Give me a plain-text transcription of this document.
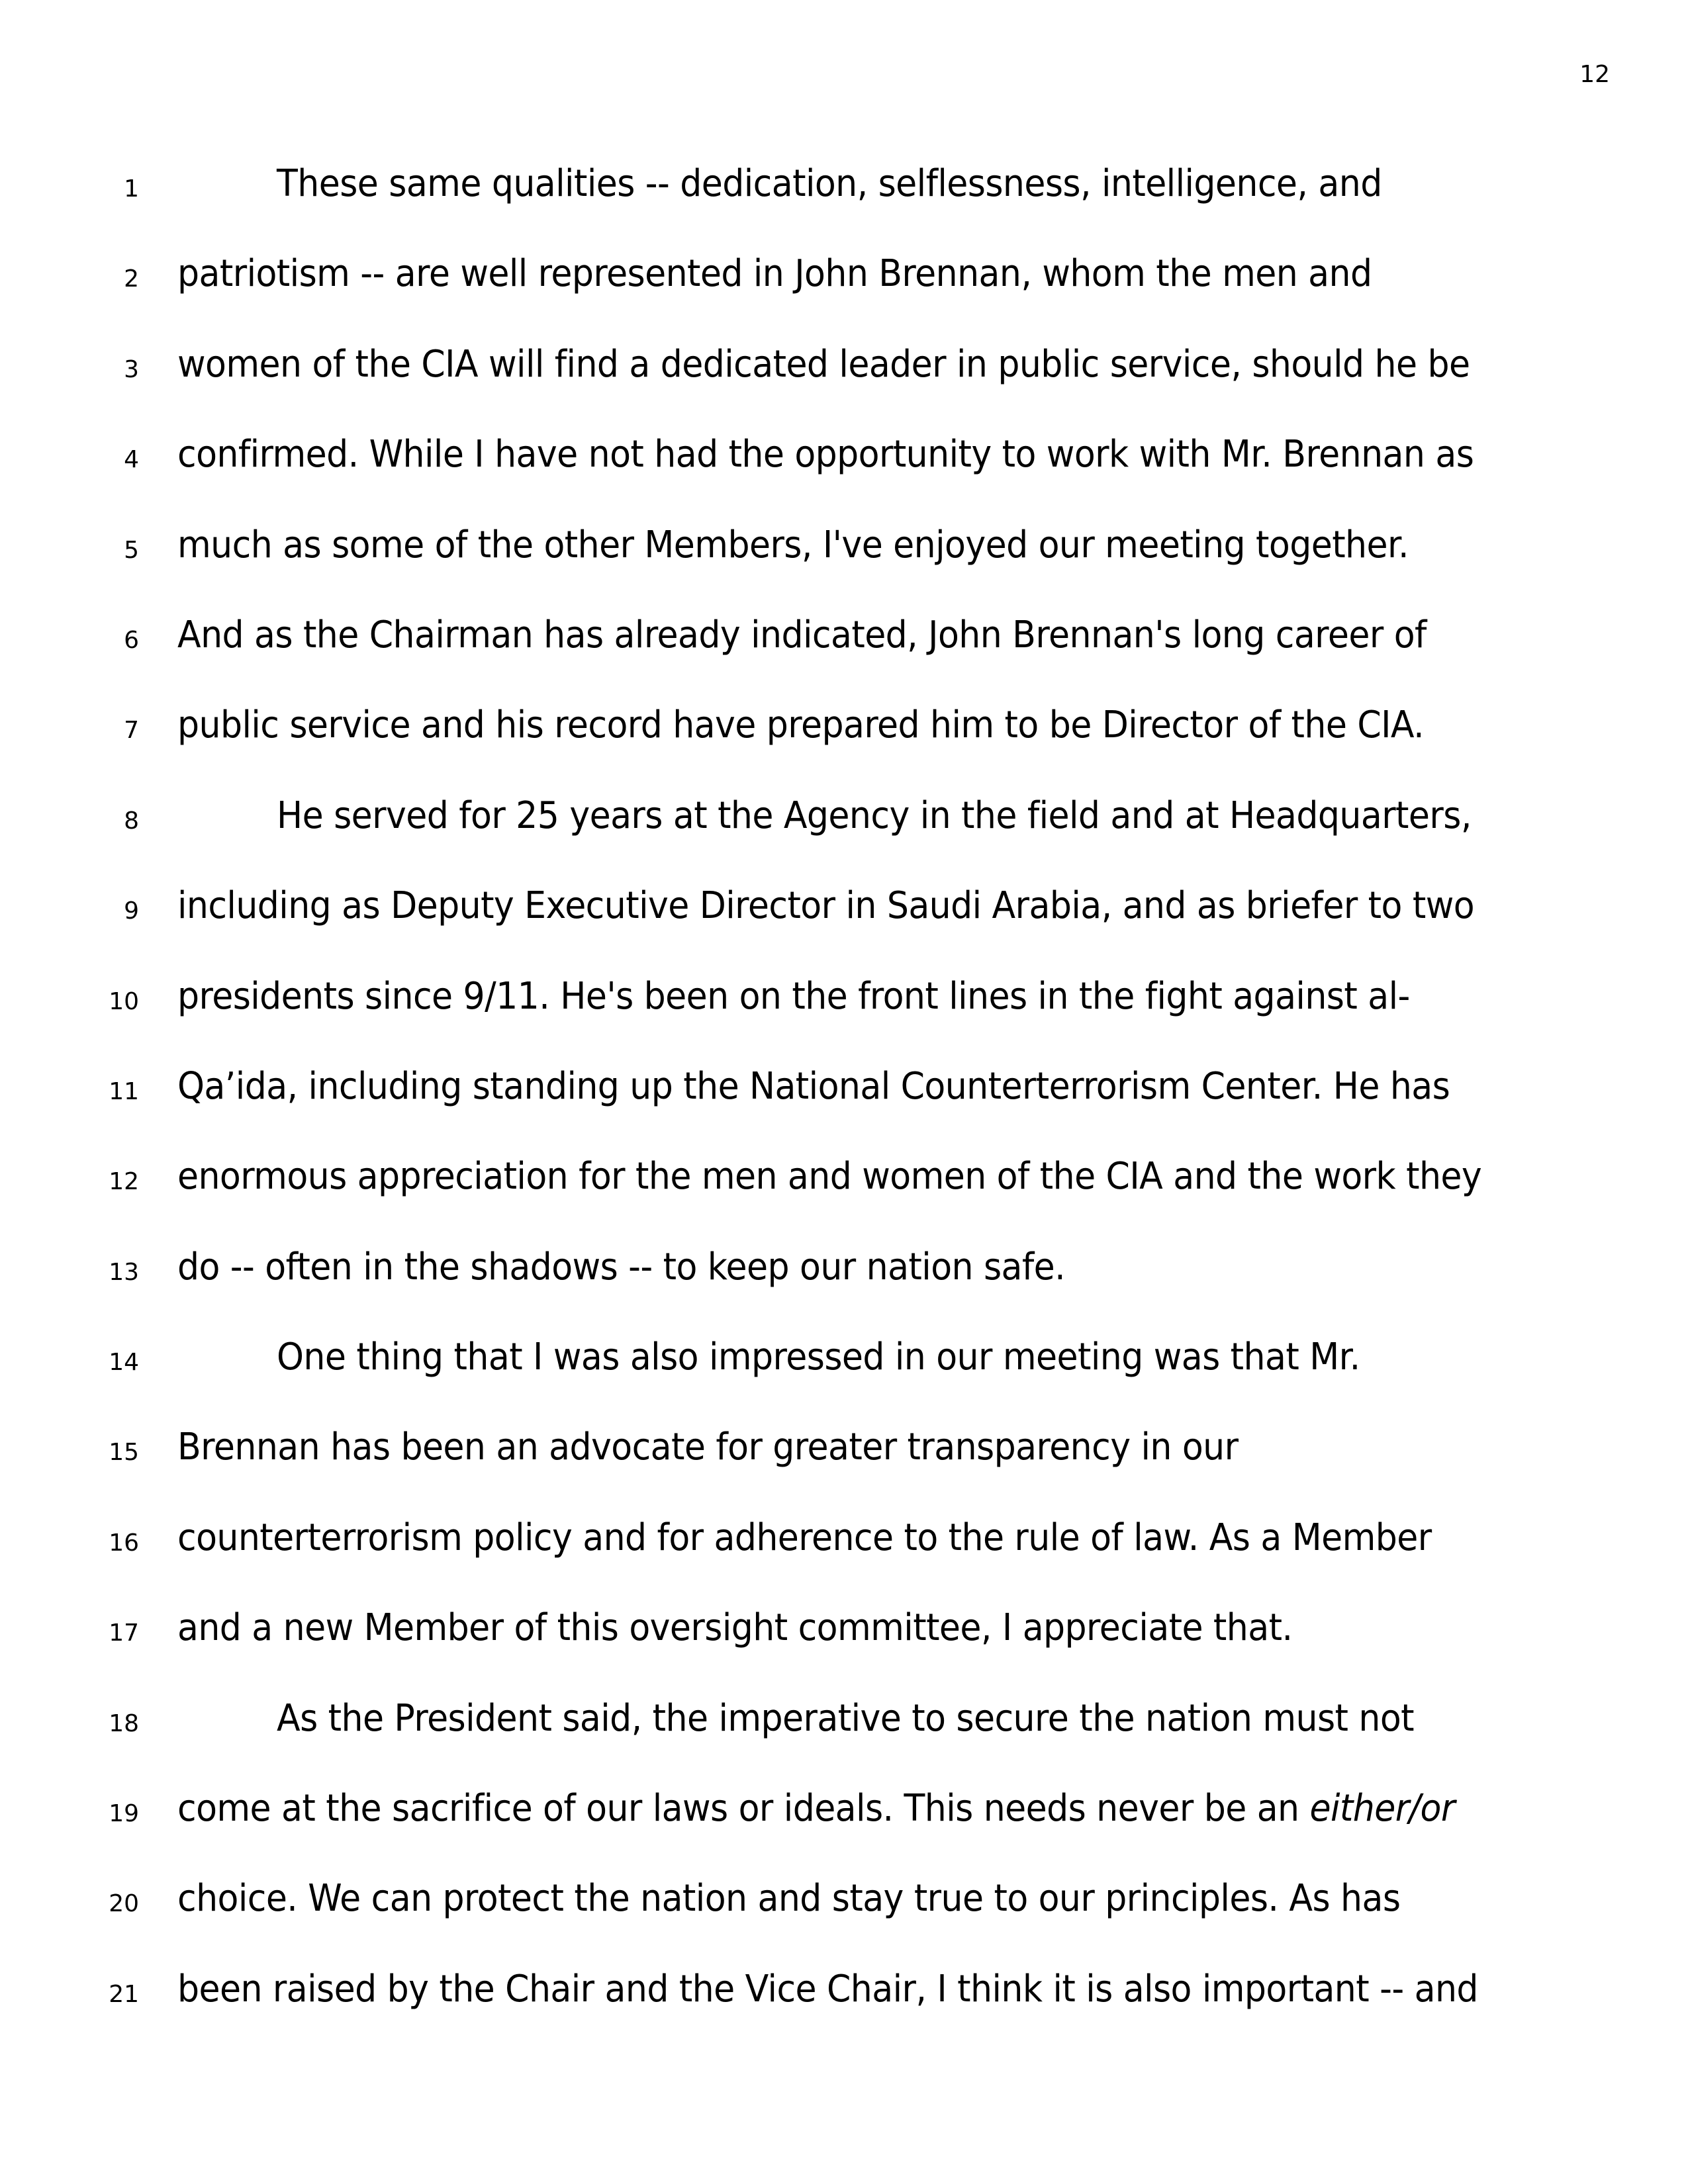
12
1	These same qualities -- dedication, selflessness, intelligence, and
2 patriotism -- are well represented in John Brennan, whom the men and
3 women of the CIA will find a dedicated leader in public service, should he be
4 confirmed. While I have not had the opportunity to work with Mr. Brennan as
5 much as some of the other Members, I've enjoyed our meeting together.
6 And as the Chairman has already indicated, John Brennan's long career of
7 public service and his record have prepared him to be Director of the CIA.
8	He served for 25 years at the Agency in the field and at Headquarters,
9 including as Deputy Executive Director in Saudi Arabia, and as briefer to two
10 presidents since 9/11. He's been on the front lines in the fight against al-
11 Qa’ida, including standing up the National Counterterrorism Center. He has
12 enormous appreciation for the men and women of the CIA and the work they
13 do -- often in the shadows -- to keep our nation safe.
14	One thing that I was also impressed in our meeting was that Mr.
15 Brennan has been an advocate for greater transparency in our
16 counterterrorism policy and for adherence to the rule of law. As a Member
17 and a new Member of this oversight committee, I appreciate that.
18	As the President said, the imperative to secure the nation must not
19 come at the sacrifice of our laws or ideals. This needs never be an either/or
20 choice. We can protect the nation and stay true to our principles. As has
21 been raised by the Chair and the Vice Chair, I think it is also important -- and
